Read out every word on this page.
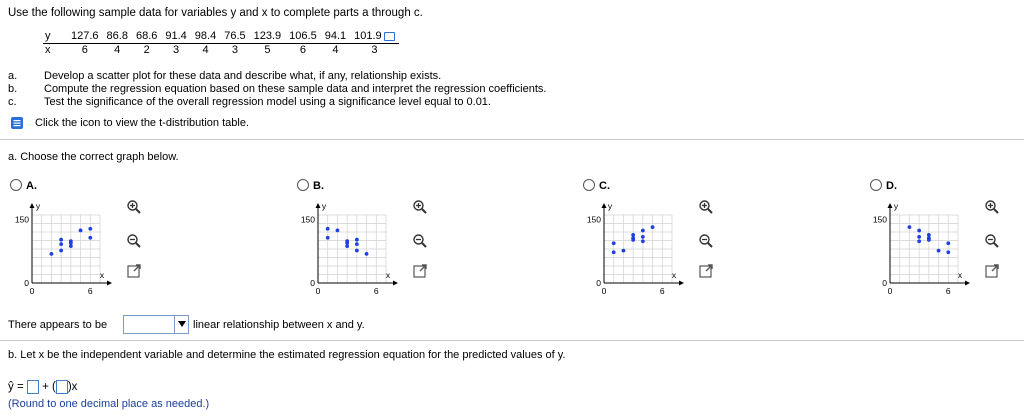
Use the following sample data for variables y and x to complete parts a through c.
y	127.6	86.8	68.6	91.4	98.4	76.5	123.9	106.5	94.1	101.9
x	6	4	2	3	4	3	5	6	4	3
a. Develop a scatter plot for these data and describe what, if any, relationship exists.
b. Compute the regression equation based on these sample data and interpret the regression coefficients.
c. Test the significance of the overall regression model using a significance level equal to 0.01.
Click the icon to view the t-distribution table.
a. Choose the correct graph below.
A.	B.	C.	D.
150
0
0	6
x
y
150
0
0	6
x
y
150
0
0	6
x
y
150
0
0	6
x
y
There appears to be	linear relationship between x and y.
b. Let x be the independent variable and determine the estimated regression equation for the predicted values of y.
ŷ = + ( )x
(Round to one decimal place as needed.)
